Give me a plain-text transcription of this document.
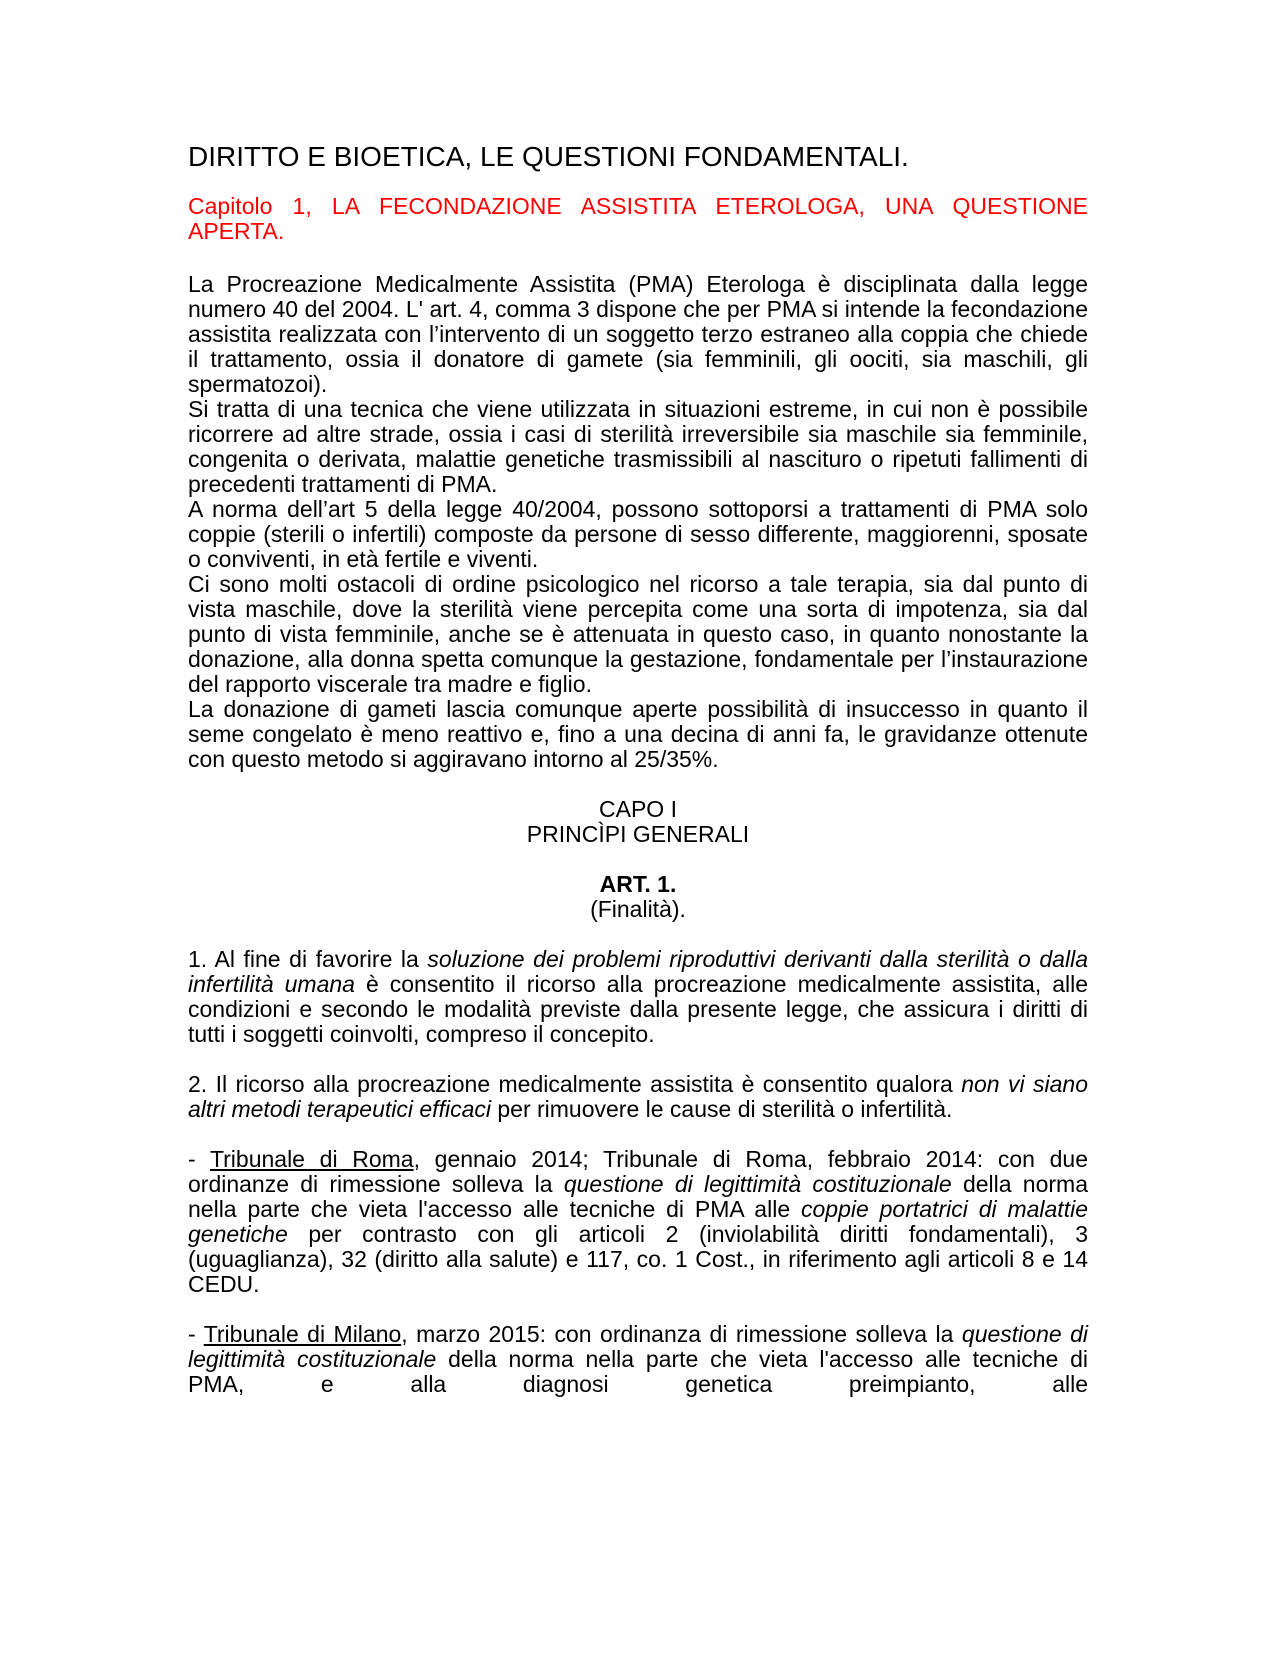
DIRITTO E BIOETICA, LE QUESTIONI FONDAMENTALI.
Capitolo 1, LA FECONDAZIONE ASSISTITA ETEROLOGA, UNA QUESTIONE APERTA.

La Procreazione Medicalmente Assistita (PMA) Eterologa è disciplinata dalla legge numero 40 del 2004. L' art. 4, comma 3 dispone che per PMA si intende la fecondazione assistita realizzata con l’intervento di un soggetto terzo estraneo alla coppia che chiede il trattamento, ossia il donatore di gamete (sia femminili, gli oociti, sia maschili, gli spermatozoi).

Si tratta di una tecnica che viene utilizzata in situazioni estreme, in cui non è possibile ricorrere ad altre strade, ossia i casi di sterilità irreversibile sia maschile sia femminile, congenita o derivata, malattie genetiche trasmissibili al nascituro o ripetuti fallimenti di precedenti trattamenti di PMA.

A norma dell’art 5 della legge 40/2004, possono sottoporsi a trattamenti di PMA solo coppie (sterili o infertili) composte da persone di sesso differente, maggiorenni, sposate o conviventi, in età fertile e viventi.

Ci sono molti ostacoli di ordine psicologico nel ricorso a tale terapia, sia dal punto di vista maschile, dove la sterilità viene percepita come una sorta di impotenza, sia dal punto di vista femminile, anche se è attenuata in questo caso, in quanto nonostante la donazione, alla donna spetta comunque la gestazione, fondamentale per l’instaurazione del rapporto viscerale tra madre e figlio.

La donazione di gameti lascia comunque aperte possibilità di insuccesso in quanto il seme congelato è meno reattivo e, fino a una decina di anni fa, le gravidanze ottenute con questo metodo si aggiravano intorno al 25/35%.

CAPO I

PRINCÌPI GENERALI

ART. 1.

(Finalità).

1. Al fine di favorire la soluzione dei problemi riproduttivi derivanti dalla sterilità o dalla infertilità umana è consentito il ricorso alla procreazione medicalmente assistita, alle condizioni e secondo le modalità previste dalla presente legge, che assicura i diritti di tutti i soggetti coinvolti, compreso il concepito.

2. Il ricorso alla procreazione medicalmente assistita è consentito qualora non vi siano altri metodi terapeutici efficaci per rimuovere le cause di sterilità o infertilità.

- Tribunale di Roma, gennaio 2014; Tribunale di Roma, febbraio 2014: con due ordinanze di rimessione solleva la questione di legittimità costituzionale della norma nella parte che vieta l'accesso alle tecniche di PMA alle coppie portatrici di malattie genetiche per contrasto con gli articoli 2 (inviolabilità diritti fondamentali), 3 (uguaglianza), 32 (diritto alla salute) e 117, co. 1 Cost., in riferimento agli articoli 8 e 14 CEDU.

- Tribunale di Milano, marzo 2015: con ordinanza di rimessione solleva la questione di legittimità costituzionale della norma nella parte che vieta l'accesso alle tecniche di PMA, e alla diagnosi genetica preimpianto, alle
